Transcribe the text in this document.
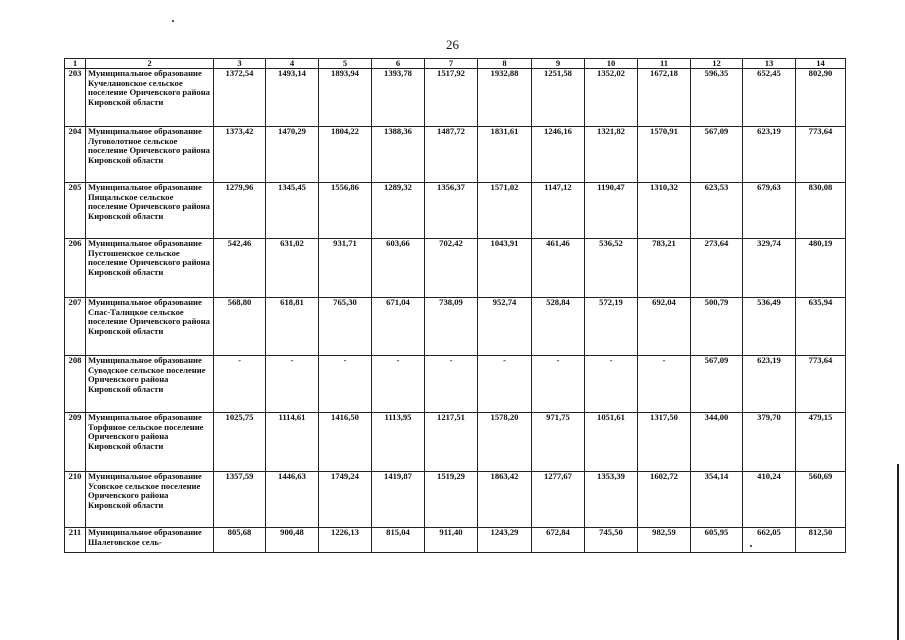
26
1	2	3	4	5	6	7	8	9	10	11	12	13	14
203	Муниципальное образование Кучелановское сельское поселение Оричевского района Кировской области	1372,54	1493,14	1893,94	1393,78	1517,92	1932,88	1251,58	1352,02	1672,18	596,35	652,45	802,90
204	Муниципальное образование Луговолотное сельское поселение Оричевского района Кировской области	1373,42	1470,29	1804,22	1388,36	1487,72	1831,61	1246,16	1321,82	1570,91	567,09	623,19	773,64
205	Муниципальное образование Пищальское сельское поселение Оричевского района Кировской области	1279,96	1345,45	1556,86	1289,32	1356,37	1571,02	1147,12	1190,47	1310,32	623,53	679,63	830,08
206	Муниципальное образование Пустошенское сельское поселение Оричевского района Кировской области	542,46	631,02	931,71	603,66	702,42	1043,91	461,46	536,52	783,21	273,64	329,74	480,19
207	Муниципальное образование Спас-Талицкое сельское поселение Оричевского района Кировской области	568,80	618,81	765,30	671,04	738,09	952,74	528,84	572,19	692,04	500,79	536,49	635,94
208	Муниципальное образование Суводское сельское поселение Оричевского района Кировской области	-	-	-	-	-	-	-	-	-	567,09	623,19	773,64
209	Муниципальное образование Торфяное сельское поселение Оричевского района Кировской области	1025,75	1114,61	1416,50	1113,95	1217,51	1578,20	971,75	1051,61	1317,50	344,00	379,70	479,15
210	Муниципальное образование Усовское сельское поселение Оричевского района Кировской области	1357,59	1446,63	1749,24	1419,87	1519,29	1863,42	1277,67	1353,39	1602,72	354,14	410,24	560,69
211	Муниципальное образование Шалеговское сель-	805,68	900,48	1226,13	815,04	911,40	1243,29	672,84	745,50	982,59	605,95	662,05	812,50
